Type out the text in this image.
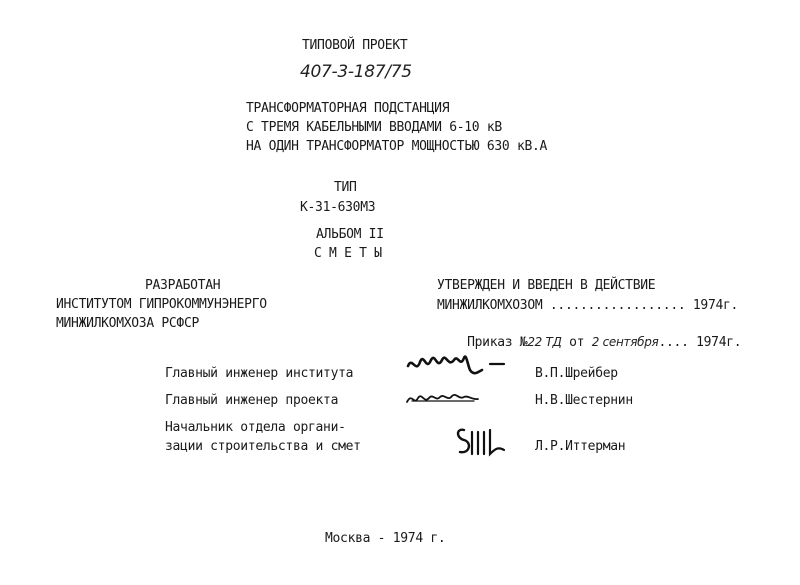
ТИПОВОЙ ПРОЕКТ
407-3-187/75
ТРАНСФОРМАТОРНАЯ ПОДСТАНЦИЯ
С ТРЕМЯ КАБЕЛЬНЫМИ ВВОДАМИ 6-10 кВ
НА ОДИН ТРАНСФОРМАТОР МОЩНОСТЬЮ 630 кВ.А
ТИП
К-31-630МЗ
АЛЬБОМ II
С М Е Т Ы
РАЗРАБОТАН
ИНСТИТУТОМ ГИПРОКОММУНЭНЕРГО
МИНЖИЛКОМХОЗА РСФСР
УТВЕРЖДЕН И ВВЕДЕН В ДЕЙСТВИЕ
МИНЖИЛКОМХОЗОМ .................. 1974г.

Приказ №22 ТД от 2 сентября.... 1974г.

Главный инженер института	В.П.Шрейбер
Главный инженер проекта	Н.В.Шестернин
Начальник отдела органи-
зации строительства и смет	Л.Р.Иттерман
Москва - 1974 г.
